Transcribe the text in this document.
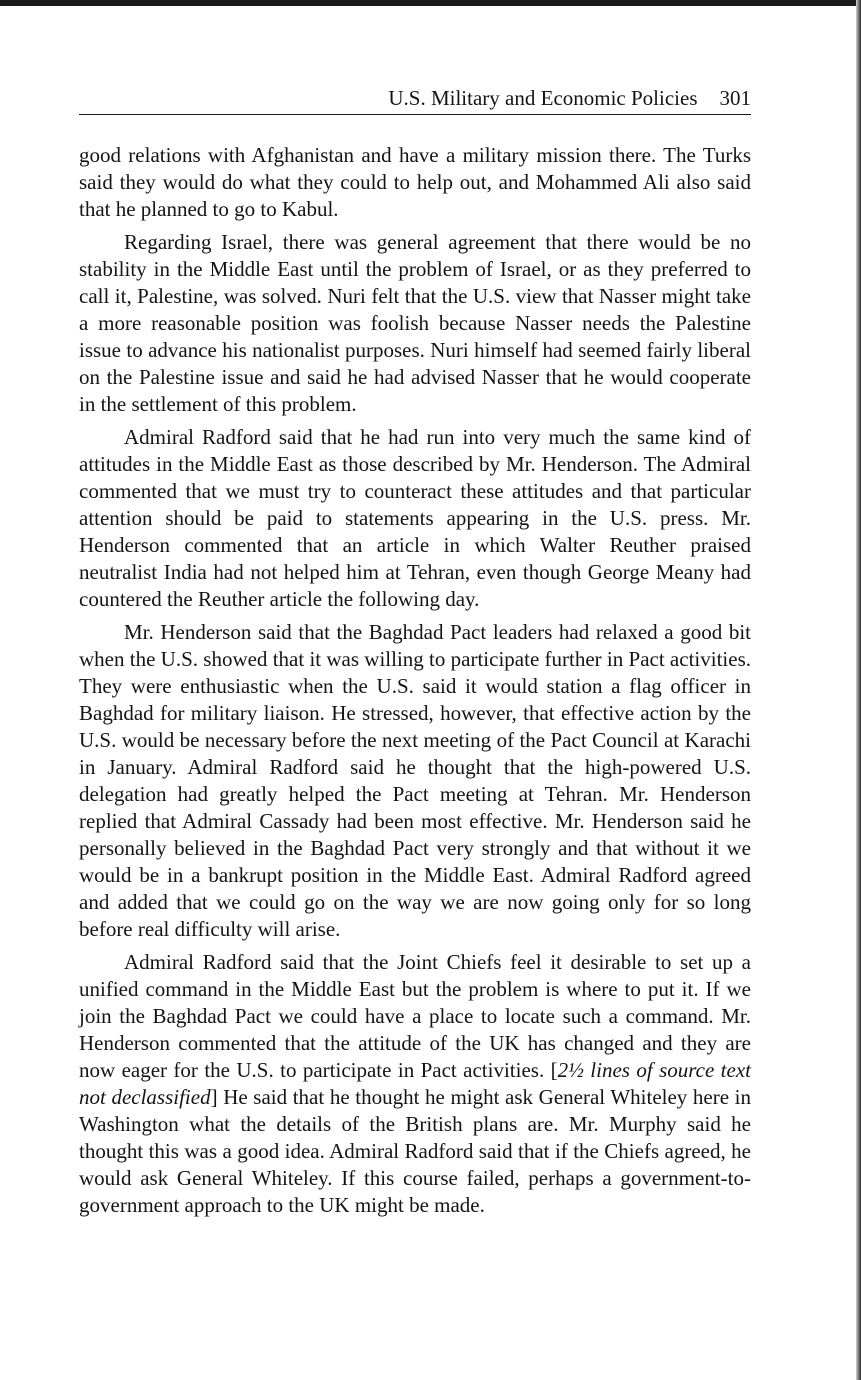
U.S. Military and Economic Policies 301

good relations with Afghanistan and have a military mission there. The Turks said they would do what they could to help out, and Mohammed Ali also said that he planned to go to Kabul.

Regarding Israel, there was general agreement that there would be no stability in the Middle East until the problem of Israel, or as they preferred to call it, Palestine, was solved. Nuri felt that the U.S. view that Nasser might take a more reasonable position was foolish because Nasser needs the Palestine issue to advance his nationalist purposes. Nuri himself had seemed fairly liberal on the Palestine issue and said he had advised Nasser that he would cooperate in the settlement of this problem.

Admiral Radford said that he had run into very much the same kind of attitudes in the Middle East as those described by Mr. Henderson. The Admiral commented that we must try to counteract these attitudes and that particular attention should be paid to statements appearing in the U.S. press. Mr. Henderson commented that an article in which Walter Reuther praised neutralist India had not helped him at Tehran, even though George Meany had countered the Reuther article the following day.

Mr. Henderson said that the Baghdad Pact leaders had relaxed a good bit when the U.S. showed that it was willing to participate further in Pact activities. They were enthusiastic when the U.S. said it would station a flag officer in Baghdad for military liaison. He stressed, however, that effective action by the U.S. would be necessary before the next meeting of the Pact Council at Karachi in January. Admiral Radford said he thought that the high-powered U.S. delegation had greatly helped the Pact meeting at Tehran. Mr. Henderson replied that Admiral Cassady had been most effective. Mr. Henderson said he personally believed in the Baghdad Pact very strongly and that without it we would be in a bankrupt position in the Middle East. Admiral Radford agreed and added that we could go on the way we are now going only for so long before real difficulty will arise.

Admiral Radford said that the Joint Chiefs feel it desirable to set up a unified command in the Middle East but the problem is where to put it. If we join the Baghdad Pact we could have a place to locate such a command. Mr. Henderson commented that the attitude of the UK has changed and they are now eager for the U.S. to participate in Pact activities. [2½ lines of source text not declassified] He said that he thought he might ask General Whiteley here in Washington what the details of the British plans are. Mr. Murphy said he thought this was a good idea. Admiral Radford said that if the Chiefs agreed, he would ask General Whiteley. If this course failed, perhaps a government-to-government approach to the UK might be made.
